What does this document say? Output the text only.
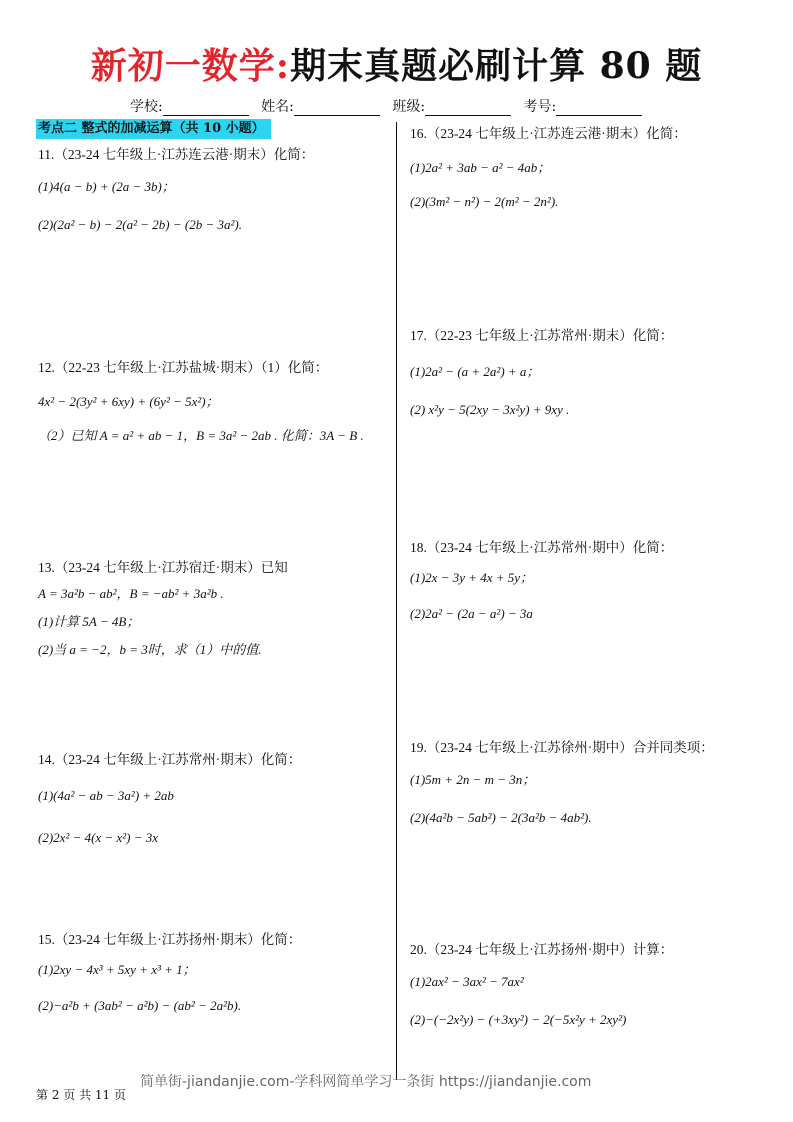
新初一数学:期末真题必刷计算 80 题
学校:	姓名:	班级:	考号:
考点二 整式的加减运算（共 10 小题）
11.（23-24 七年级上·江苏连云港·期末）化简：
(1)4(a − b) + (2a − 3b)；
(2)(2a² − b) − 2(a² − 2b) − (2b − 3a²).
12.（22-23 七年级上·江苏盐城·期末）（1）化简：
4x² − 2(3y² + 6xy) + (6y² − 5x²)；
（2）已知 A = a² + ab − 1，B = 3a² − 2ab . 化简：3A − B .
13.（23-24 七年级上·江苏宿迁·期末）已知
A = 3a²b − ab²，B = −ab² + 3a²b .
(1)计算 5A − 4B；
(2)当 a = −2，b = 3时，求（1）中的值.
14.（23-24 七年级上·江苏常州·期末）化简：
(1)(4a² − ab − 3a²) + 2ab
(2)2x² − 4(x − x²) − 3x
15.（23-24 七年级上·江苏扬州·期末）化简：
(1)2xy − 4x³ + 5xy + x³ + 1；
(2)−a²b + (3ab² − a²b) − (ab² − 2a²b).
16.（23-24 七年级上·江苏连云港·期末）化简：
(1)2a² + 3ab − a² − 4ab；
(2)(3m² − n²) − 2(m² − 2n²).
17.（22-23 七年级上·江苏常州·期末）化简：
(1)2a² − (a + 2a²) + a；
(2) x²y − 5(2xy − 3x²y) + 9xy .
18.（23-24 七年级上·江苏常州·期中）化简：
(1)2x − 3y + 4x + 5y；
(2)2a² − (2a − a²) − 3a
19.（23-24 七年级上·江苏徐州·期中）合并同类项：
(1)5m + 2n − m − 3n；
(2)(4a²b − 5ab²) − 2(3a²b − 4ab²).
20.（23-24 七年级上·江苏扬州·期中）计算：
(1)2ax² − 3ax² − 7ax²
(2)−(−2x²y) − (+3xy²) − 2(−5x²y + 2xy²)
简单街-jiandanjie.com-学科网简单学习一条街 https://jiandanjie.com
第 2 页 共 11 页
